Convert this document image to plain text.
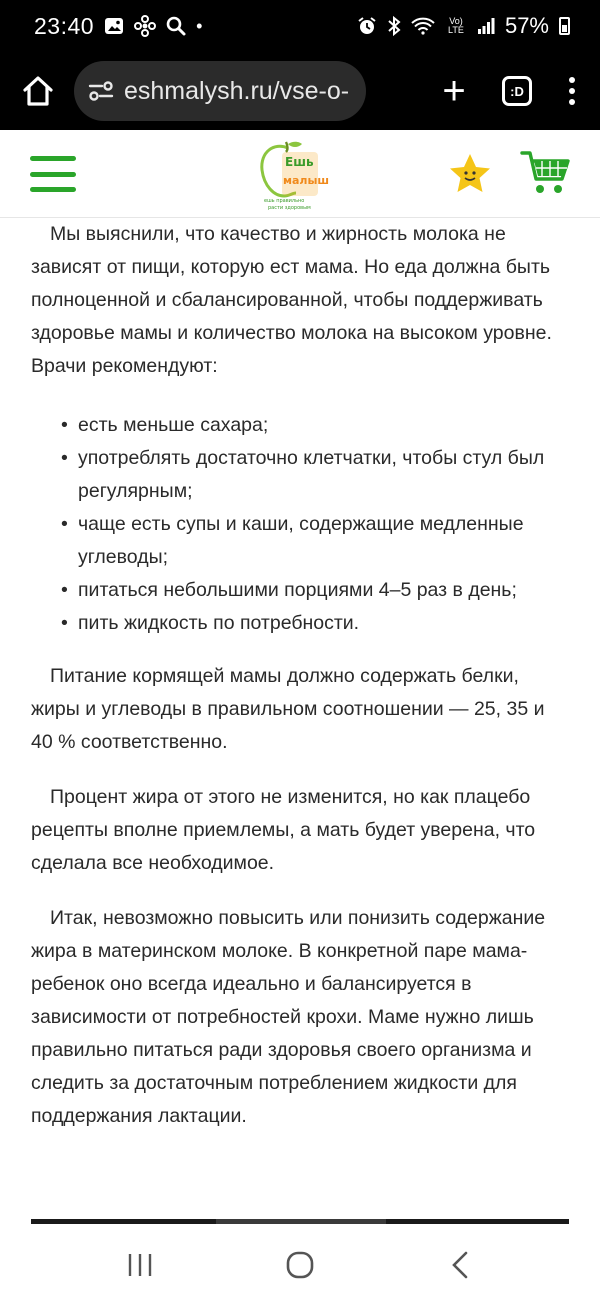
23:40	•	Vo) LTE 57%
eshmalysh.ru/vse-o- +	:D
Ешь
малыш
ешь правильно
расти здоровым

Мы выяснили, что качество и жирность молока не зависят от пищи, которую ест мама. Но еда должна быть полноценной и сбалансированной, чтобы поддерживать здоровье мамы и количество молока на высоком уровне. Врачи рекомендуют:

• есть меньше сахара;
• употреблять достаточно клетчатки, чтобы стул был регулярным;
• чаще есть супы и каши, содержащие медленные углеводы;
• питаться небольшими порциями 4–5 раз в день;
• пить жидкость по потребности.

Питание кормящей мамы должно содержать белки, жиры и углеводы в правильном соотношении — 25, 35 и 40 % соответственно.

Процент жира от этого не изменится, но как плацебо рецепты вполне приемлемы, а мать будет уверена, что сделала все необходимое.

Итак, невозможно повысить или понизить содержание жира в материнском молоке. В конкретной паре мама-ребенок оно всегда идеально и балансируется в зависимости от потребностей крохи. Маме нужно лишь правильно питаться ради здоровья своего организма и следить за достаточным потреблением жидкости для поддержания лактации.
